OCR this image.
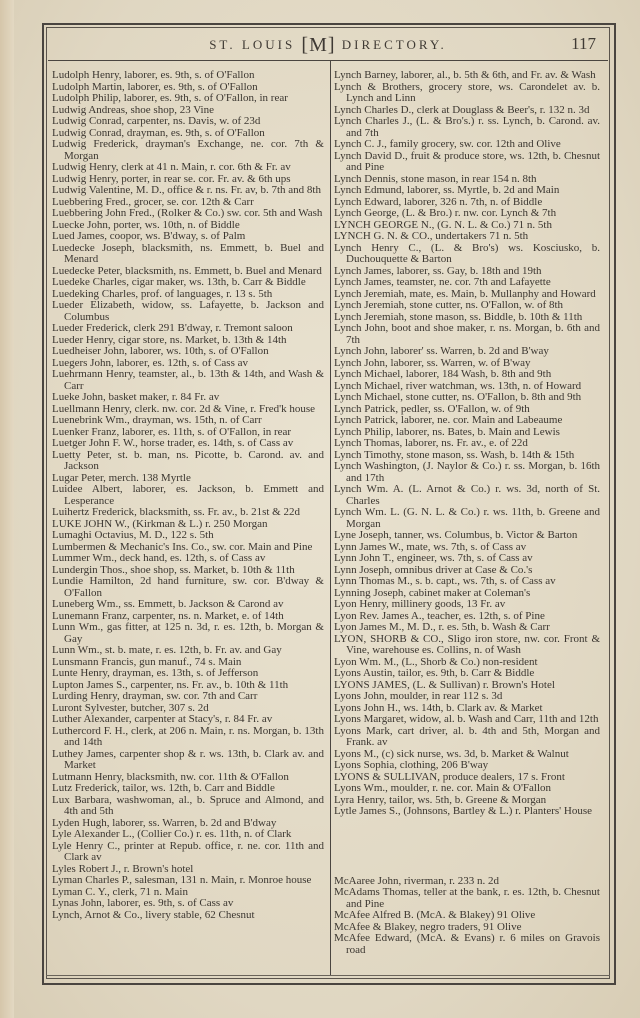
ST. LOUIS [M] DIRECTORY.	117

Ludolph Henry, laborer, es. 9th, s. of O'Fallon

Ludolph Martin, laborer, es. 9th, s. of O'Fallon

Ludolph Philip, laborer, es. 9th, s. of O'Fallon, in rear

Ludwig Andreas, shoe shop, 23 Vine

Ludwig Conrad, carpenter, ns. Davis, w. of 23d

Ludwig Conrad, drayman, es. 9th, s. of O'Fallon

Ludwig Frederick, drayman's Exchange, ne. cor. 7th & Morgan

Ludwig Henry, clerk at 41 n. Main, r. cor. 6th & Fr. av

Ludwig Henry, porter, in rear se. cor. Fr. av. & 6th ups

Ludwig Valentine, M. D., office & r. ns. Fr. av, b. 7th and 8th

Luebbering Fred., grocer, se. cor. 12th & Carr

Luebbering John Fred., (Rolker & Co.) sw. cor. 5th and Wash

Luecke John, porter, ws. 10th, n. of Biddle

Lued James, coopor, ws. B'dway, s. of Palm

Luedecke Joseph, blacksmith, ns. Emmett, b. Buel and Menard

Luedecke Peter, blacksmith, ns. Emmett, b. Buel and Menard

Luedeke Charles, cigar maker, ws. 13th, b. Carr & Biddle

Luedeking Charles, prof. of languages, r. 13 s. 5th

Lueder Elizabeth, widow, ss. Lafayette, b. Jackson and Columbus

Lueder Frederick, clerk 291 B'dway, r. Tremont saloon

Lueder Henry, cigar store, ns. Market, b. 13th & 14th

Luedheiser John, laborer, ws. 10th, s. of O'Fallon

Luegers John, laborer, es. 12th, s. of Cass av

Luehrmann Henry, teamster, al., b. 13th & 14th, and Wash & Carr

Lueke John, basket maker, r. 84 Fr. av

Luellmann Henry, clerk. nw. cor. 2d & Vine, r. Fred'k house

Luenebrink Wm., drayman, ws. 15th, n. of Carr

Luenker Franz, laborer, es. 11th, s. of O'Fallon, in rear

Luetger John F. W., horse trader, es. 14th, s. of Cass av

Luetty Peter, st. b. man, ns. Picotte, b. Carond. av. and Jackson

Lugar Peter, merch. 138 Myrtle

Luidee Albert, laborer, es. Jackson, b. Emmett and Lesperance

Luihertz Frederick, blacksmith, ss. Fr. av., b. 21st & 22d

LUKE JOHN W., (Kirkman & L.) r. 250 Morgan

Lumaghi Octavius, M. D., 122 s. 5th

Lumbermen & Mechanic's Ins. Co., sw. cor. Main and Pine

Lummer Wm., deck hand, es. 12th, s. of Cass av

Lundergin Thos., shoe shop, ss. Market, b. 10th & 11th

Lundie Hamilton, 2d hand furniture, sw. cor. B'dway & O'Fallon

Luneberg Wm., ss. Emmett, b. Jackson & Carond av

Lunemann Franz, carpenter, ns. n. Market, e. of 14th

Lunn Wm., gas fitter, at 125 n. 3d, r. es. 12th, b. Morgan & Gay

Lunn Wm., st. b. mate, r. es. 12th, b. Fr. av. and Gay

Lunsmann Francis, gun manuf., 74 s. Main

Lunte Henry, drayman, es. 13th, s. of Jefferson

Lupton James S., carpenter, ns. Fr. av., b. 10th & 11th

Lurding Henry, drayman, sw. cor. 7th and Carr

Luront Sylvester, butcher, 307 s. 2d

Luther Alexander, carpenter at Stacy's, r. 84 Fr. av

Luthercord F. H., clerk, at 206 n. Main, r. ns. Morgan, b. 13th and 14th

Luthey James, carpenter shop & r. ws. 13th, b. Clark av. and Market

Lutmann Henry, blacksmith, nw. cor. 11th & O'Fallon

Lutz Frederick, tailor, ws. 12th, b. Carr and Biddle

Lux Barbara, washwoman, al., b. Spruce and Almond, and 4th and 5th

Lyden Hugh, laborer, ss. Warren, b. 2d and B'dway

Lyle Alexander L., (Collier Co.) r. es. 11th, n. of Clark

Lyle Henry C., printer at Repub. office, r. ne. cor. 11th and Clark av

Lyles Robert J., r. Brown's hotel

Lyman Charles P., salesman, 131 n. Main, r. Monroe house

Lyman C. Y., clerk, 71 n. Main

Lynas John, laborer, es. 9th, s. of Cass av

Lynch, Arnot & Co., livery stable, 62 Chesnut

Lynch Barney, laborer, al., b. 5th & 6th, and Fr. av. & Wash

Lynch & Brothers, grocery store, ws. Carondelet av. b. Lynch and Linn

Lynch Charles D., clerk at Douglass & Beer's, r. 132 n. 3d

Lynch Charles J., (L. & Bro's.) r. ss. Lynch, b. Carond. av. and 7th

Lynch C. J., family grocery, sw. cor. 12th and Olive

Lynch David D., fruit & produce store, ws. 12th, b. Chesnut and Pine

Lynch Dennis, stone mason, in rear 154 n. 8th

Lynch Edmund, laborer, ss. Myrtle, b. 2d and Main

Lynch Edward, laborer, 326 n. 7th, n. of Biddle

Lynch George, (L. & Bro.) r. nw. cor. Lynch & 7th

LYNCH GEORGE N., (G. N. L. & Co.) 71 n. 5th

LYNCH G. N. & CO., undertakers 71 n. 5th

Lynch Henry C., (L. & Bro's) ws. Kosciusko, b. Duchouquette & Barton

Lynch James, laborer, ss. Gay, b. 18th and 19th

Lynch James, teamster, ne. cor. 7th and Lafayette

Lynch Jeremiah, mate, es. Main, b. Mullanphy and Howard

Lynch Jeremiah, stone cutter, ns. O'Fallon, w. of 8th

Lynch Jeremiah, stone mason, ss. Biddle, b. 10th & 11th

Lynch John, boot and shoe maker, r. ns. Morgan, b. 6th and 7th

Lynch John, laborer' ss. Warren, b. 2d and B'way

Lynch John, laborer, ss. Warren, w. of B'way

Lynch Michael, laborer, 184 Wash, b. 8th and 9th

Lynch Michael, river watchman, ws. 13th, n. of Howard

Lynch Michael, stone cutter, ns. O'Fallon, b. 8th and 9th

Lynch Patrick, pedler, ss. O'Fallon, w. of 9th

Lynch Patrick, laborer, ne. cor. Main and Labeaume

Lynch Philip, laborer, ns. Bates, b. Main and Lewis

Lynch Thomas, laborer, ns. Fr. av., e. of 22d

Lynch Timothy, stone mason, ss. Wash, b. 14th & 15th

Lynch Washington, (J. Naylor & Co.) r. ss. Morgan, b. 16th and 17th

Lynch Wm. A. (L. Arnot & Co.) r. ws. 3d, north of St. Charles

Lynch Wm. L. (G. N. L. & Co.) r. ws. 11th, b. Greene and Morgan

Lyne Joseph, tanner, ws. Columbus, b. Victor & Barton

Lynn James W., mate, ws. 7th, s. of Cass av

Lynn John T., engineer, ws. 7th, s. of Cass av

Lynn Joseph, omnibus driver at Case & Co.'s

Lynn Thomas M., s. b. capt., ws. 7th, s. of Cass av

Lynning Joseph, cabinet maker at Coleman's

Lyon Henry, millinery goods, 13 Fr. av

Lyon Rev. James A., teacher, es. 12th, s. of Pine

Lyon James M., M. D., r. es. 5th, b. Wash & Carr

LYON, SHORB & CO., Sligo iron store, nw. cor. Front & Vine, warehouse es. Collins, n. of Wash

Lyon Wm. M., (L., Shorb & Co.) non-resident

Lyons Austin, tailor, es. 9th, b. Carr & Biddle

LYONS JAMES, (L. & Sullivan) r. Brown's Hotel

Lyons John, moulder, in rear 112 s. 3d

Lyons John H., ws. 14th, b. Clark av. & Market

Lyons Margaret, widow, al. b. Wash and Carr, 11th and 12th

Lyons Mark, cart driver, al. b. 4th and 5th, Morgan and Frank. av

Lyons M., (c) sick nurse, ws. 3d, b. Market & Walnut

Lyons Sophia, clothing, 206 B'way

LYONS & SULLIVAN, produce dealers, 17 s. Front

Lyons Wm., moulder, r. ne. cor. Main & O'Fallon

Lyra Henry, tailor, ws. 5th, b. Greene & Morgan

Lytle James S., (Johnsons, Bartley & L.) r. Planters' House

McAaree John, riverman, r. 233 n. 2d

McAdams Thomas, teller at the bank, r. es. 12th, b. Chesnut and Pine

McAfee Alfred B. (McA. & Blakey) 91 Olive

McAfee & Blakey, negro traders, 91 Olive

McAfee Edward, (McA. & Evans) r. 6 miles on Gravois road
